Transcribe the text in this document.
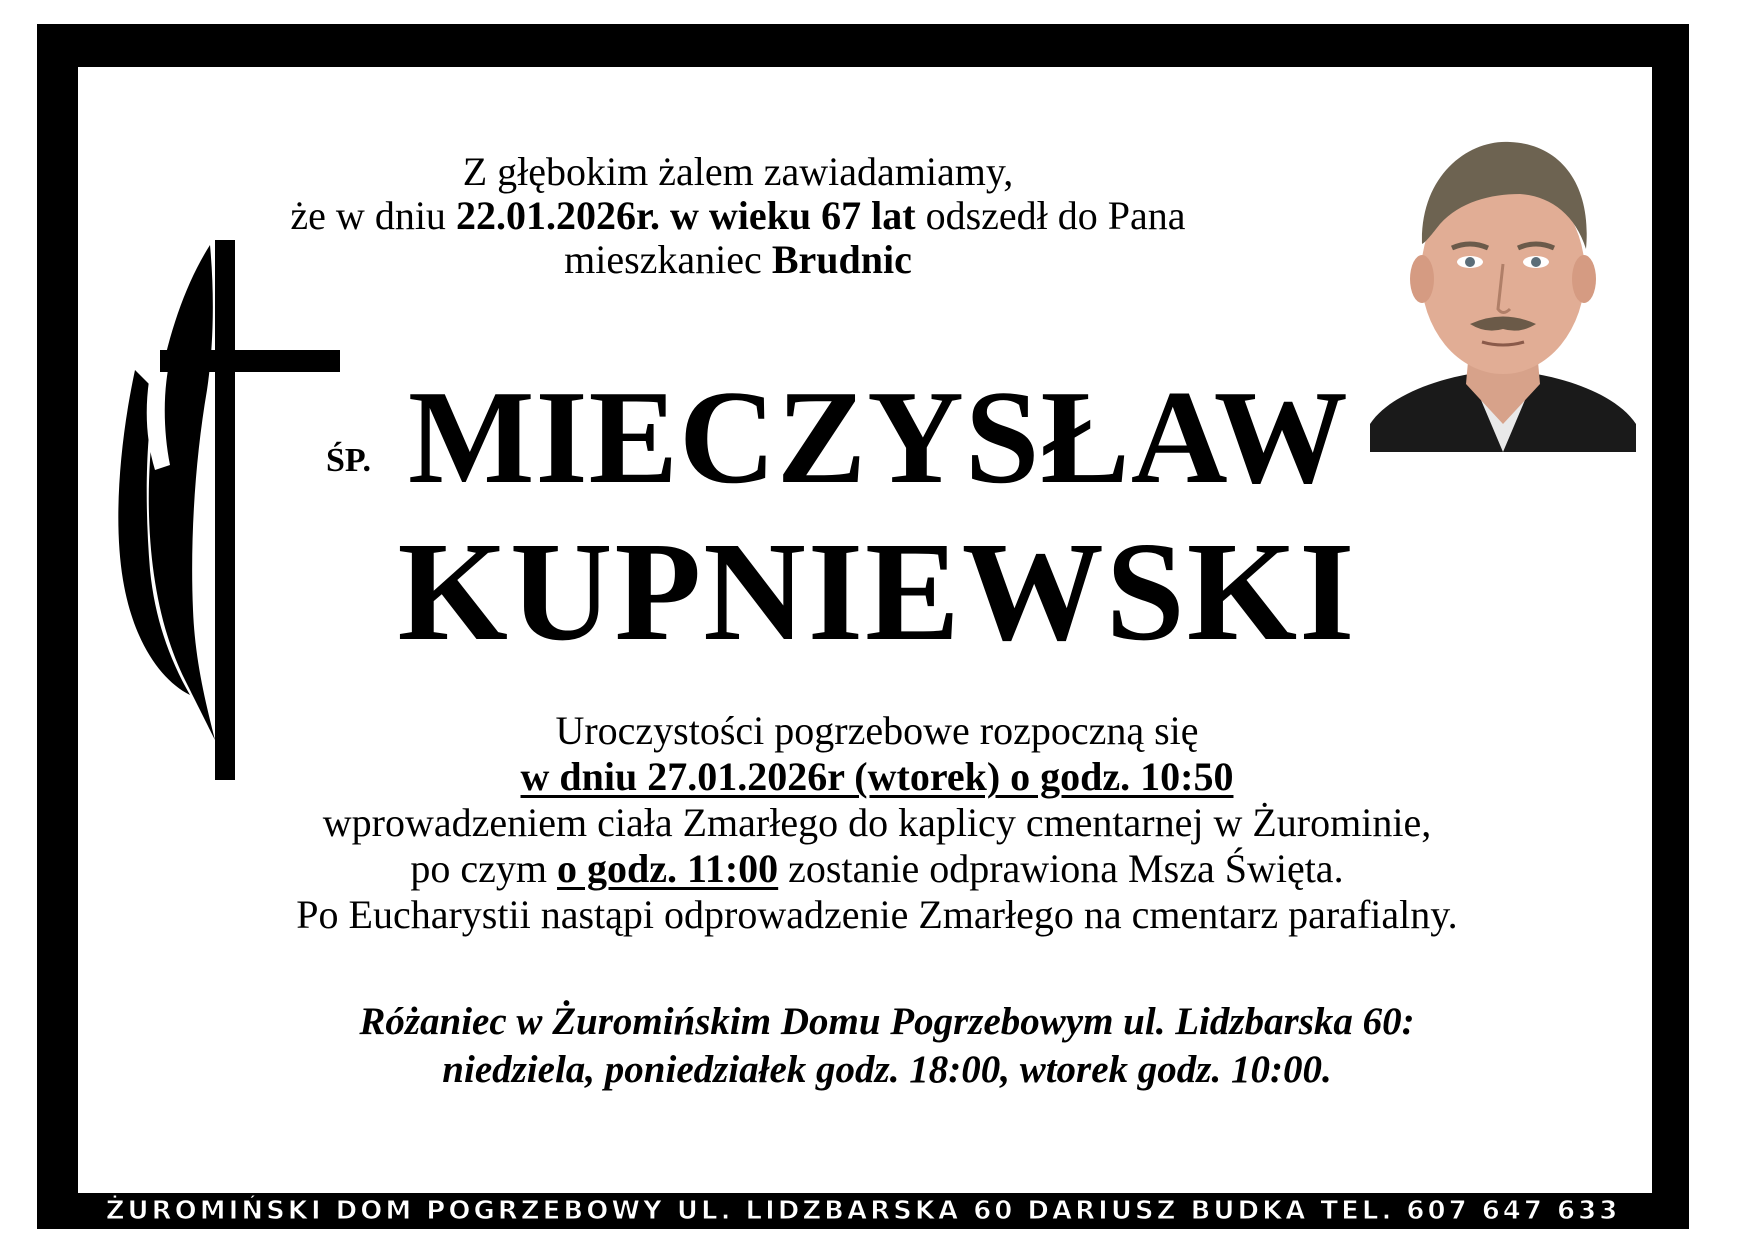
Z głębokim żalem zawiadamiamy,
że w dniu 22.01.2026r. w wieku 67 lat odszedł do Pana
mieszkaniec Brudnic
ŚP. MIECZYSŁAW
KUPNIEWSKI
Uroczystości pogrzebowe rozpoczną się
w dniu 27.01.2026r (wtorek) o godz. 10:50
wprowadzeniem ciała Zmarłego do kaplicy cmentarnej w Żurominie,
po czym o godz. 11:00 zostanie odprawiona Msza Święta.
Po Eucharystii nastąpi odprowadzenie Zmarłego na cmentarz parafialny.
Różaniec w Żuromińskim Domu Pogrzebowym ul. Lidzbarska 60:
niedziela, poniedziałek godz. 18:00, wtorek godz. 10:00.
ŻUROMIŃSKI DOM POGRZEBOWY UL. LIDZBARSKA 60 DARIUSZ BUDKA TEL. 607 647 633
